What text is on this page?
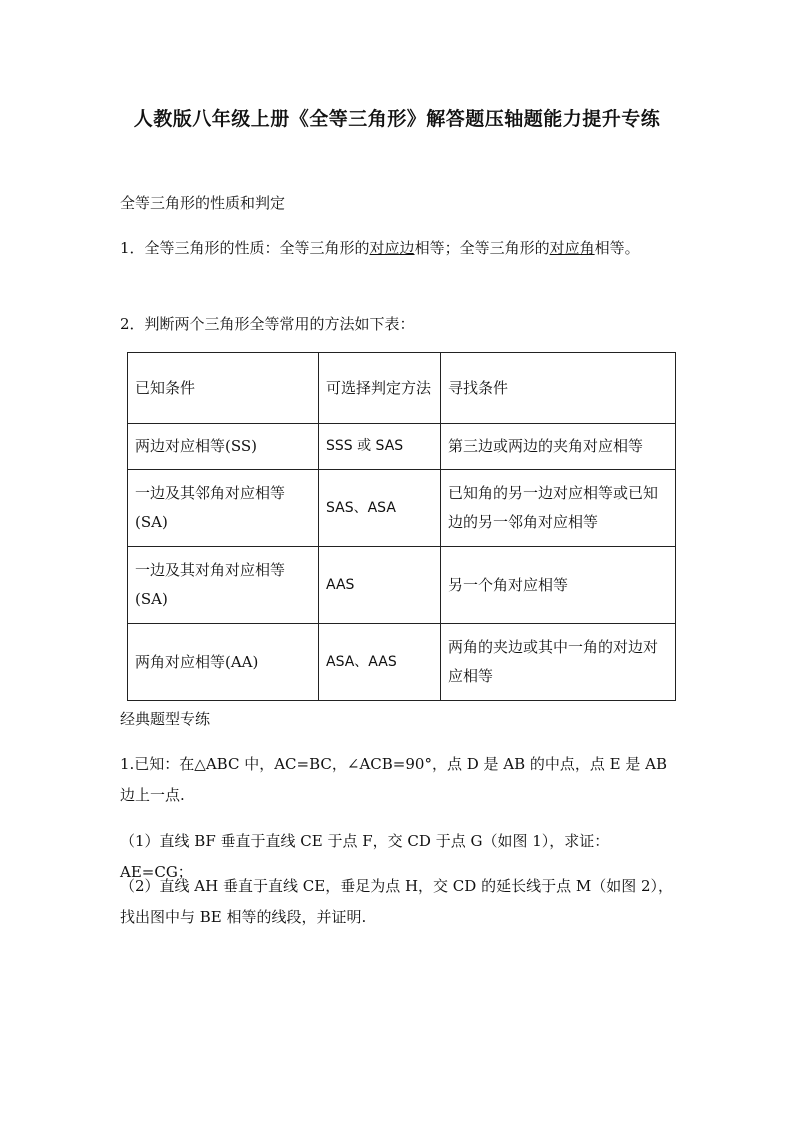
人教版八年级上册《全等三角形》解答题压轴题能力提升专练
全等三角形的性质和判定
1．全等三角形的性质：全等三角形的对应边相等；全等三角形的对应角相等。
2．判断两个三角形全等常用的方法如下表：
已知条件	可选择判定方法	寻找条件
两边对应相等(SS)	SSS 或 SAS	第三边或两边的夹角对应相等
一边及其邻角对应相等(SA)	SAS、ASA	已知角的另一边对应相等或已知边的另一邻角对应相等
一边及其对角对应相等(SA)	AAS	另一个角对应相等
两角对应相等(AA)	ASA、AAS	两角的夹边或其中一角的对边对应相等
经典题型专练
1.已知：在△ABC 中，AC=BC，∠ACB=90°，点 D 是 AB 的中点，点 E 是 AB 边上一点.
（1）直线 BF 垂直于直线 CE 于点 F，交 CD 于点 G（如图 1），求证：AE=CG；
（2）直线 AH 垂直于直线 CE，垂足为点 H，交 CD 的延长线于点 M（如图 2），找出图中与 BE 相等的线段，并证明.
